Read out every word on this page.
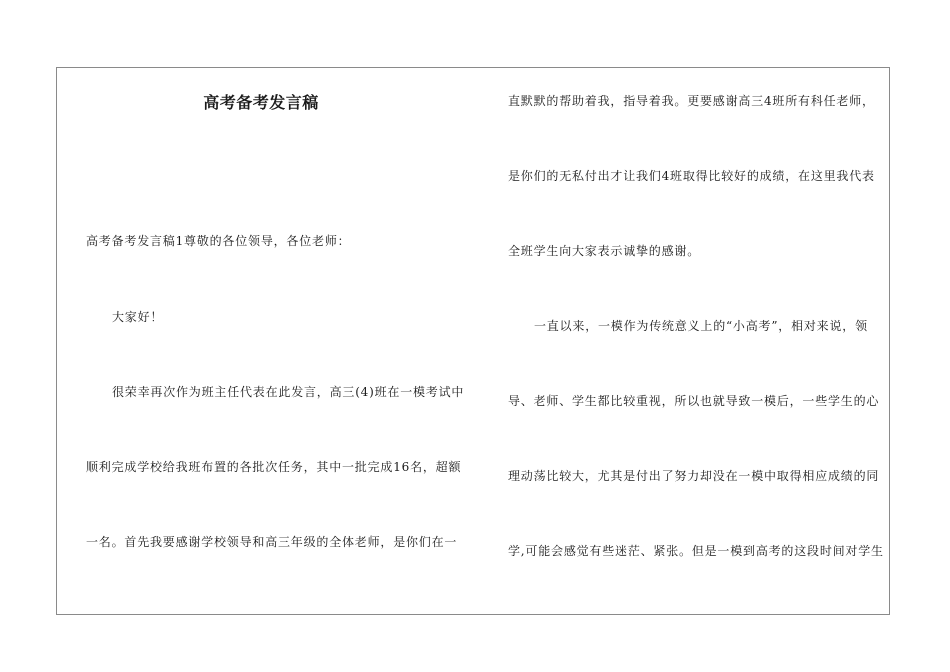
高考备考发言稿
高考备考发言稿1尊敬的各位领导，各位老师：
大家好！
很荣幸再次作为班主任代表在此发言，高三(4)班在一模考试中
顺利完成学校给我班布置的各批次任务，其中一批完成16名，超额
一名。首先我要感谢学校领导和高三年级的全体老师，是你们在一
直默默的帮助着我，指导着我。更要感谢高三4班所有科任老师，
是你们的无私付出才让我们4班取得比较好的成绩，在这里我代表
全班学生向大家表示诚挚的感谢。
一直以来，一模作为传统意义上的“小高考”，相对来说，领
导、老师、学生都比较重视，所以也就导致一模后，一些学生的心
理动荡比较大，尤其是付出了努力却没在一模中取得相应成绩的同
学,可能会感觉有些迷茫、紧张。但是一模到高考的这段时间对学生
